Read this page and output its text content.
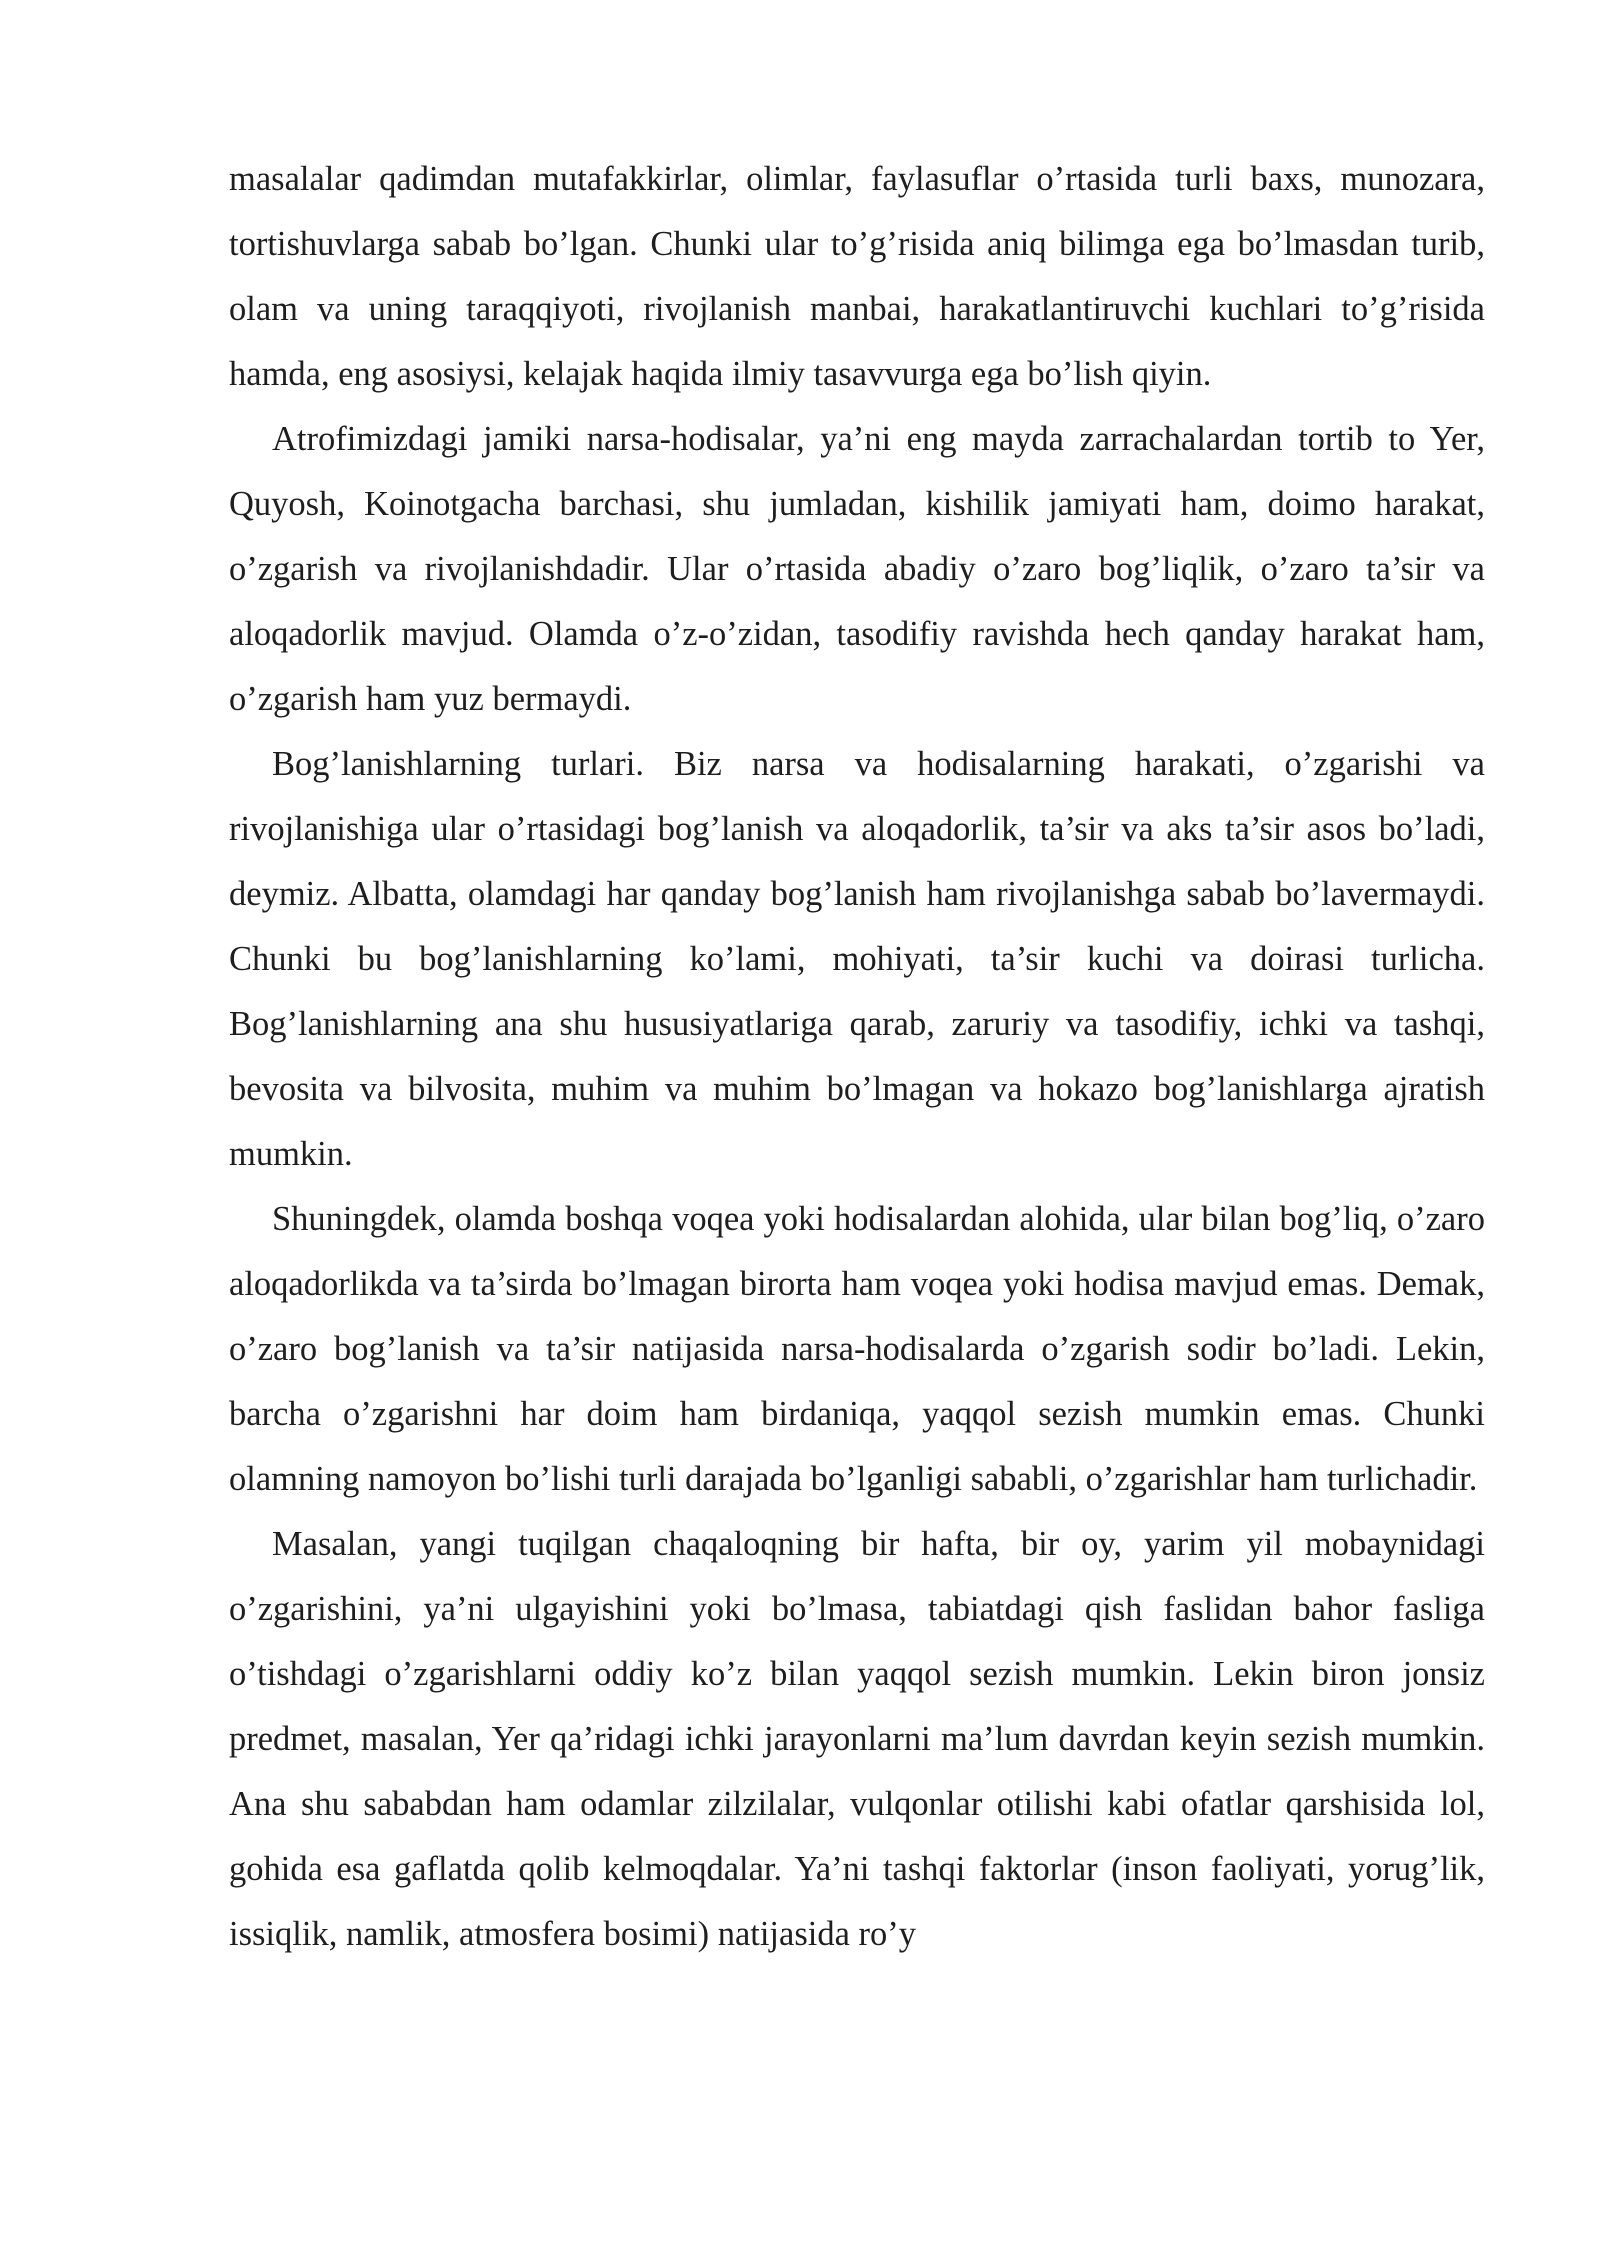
masalalar qadimdan mutafakkirlar, olimlar, faylasuflar o’rtasida turli baxs, munozara, tortishuvlarga sabab bo’lgan. Chunki ular to’g’risida aniq bilimga ega bo’lmasdan turib, olam va uning taraqqiyoti, rivojlanish manbai, harakatlantiruvchi kuchlari to’g’risida hamda, eng asosiysi, kelajak haqida ilmiy tasavvurga ega bo’lish qiyin.

Atrofimizdagi jamiki narsa-hodisalar, ya’ni eng mayda zarrachalardan tortib to Yer, Quyosh, Koinotgacha barchasi, shu jumladan, kishilik jamiyati ham, doimo harakat, o’zgarish va rivojlanishdadir. Ular o’rtasida abadiy o’zaro bog’liqlik, o’zaro ta’sir va aloqadorlik mavjud. Olamda o’z-o’zidan, tasodifiy ravishda hech qanday harakat ham, o’zgarish ham yuz bermaydi.

Bog’lanishlarning turlari. Biz narsa va hodisalarning harakati, o’zgarishi va rivojlanishiga ular o’rtasidagi bog’lanish va aloqadorlik, ta’sir va aks ta’sir asos bo’ladi, deymiz. Albatta, olamdagi har qanday bog’lanish ham rivojlanishga sabab bo’lavermaydi. Chunki bu bog’lanishlarning ko’lami, mohiyati, ta’sir kuchi va doirasi turlicha. Bog’lanishlarning ana shu hususiyatlariga qarab, zaruriy va tasodifiy, ichki va tashqi, bevosita va bilvosita, muhim va muhim bo’lmagan va hokazo bog’lanishlarga ajratish mumkin.

Shuningdek, olamda boshqa voqea yoki hodisalardan alohida, ular bilan bog’liq, o’zaro aloqadorlikda va ta’sirda bo’lmagan birorta ham voqea yoki hodisa mavjud emas. Demak, o’zaro bog’lanish va ta’sir natijasida narsa-hodisalarda o’zgarish sodir bo’ladi. Lekin, barcha o’zgarishni har doim ham birdaniqa, yaqqol sezish mumkin emas. Chunki olamning namoyon bo’lishi turli darajada bo’lganligi sababli, o’zgarishlar ham turlichadir.

Masalan, yangi tuqilgan chaqaloqning bir hafta, bir oy, yarim yil mobaynidagi o’zgarishini, ya’ni ulgayishini yoki bo’lmasa, tabiatdagi qish faslidan bahor fasliga o’tishdagi o’zgarishlarni oddiy ko’z bilan yaqqol sezish mumkin. Lekin biron jonsiz predmet, masalan, Yer qa’ridagi ichki jarayonlarni ma’lum davrdan keyin sezish mumkin. Ana shu sababdan ham odamlar zilzilalar, vulqonlar otilishi kabi ofatlar qarshisida lol, gohida esa gaflatda qolib kelmoqdalar. Ya’ni tashqi faktorlar (inson faoliyati, yorug’lik, issiqlik, namlik, atmosfera bosimi) natijasida ro’y
